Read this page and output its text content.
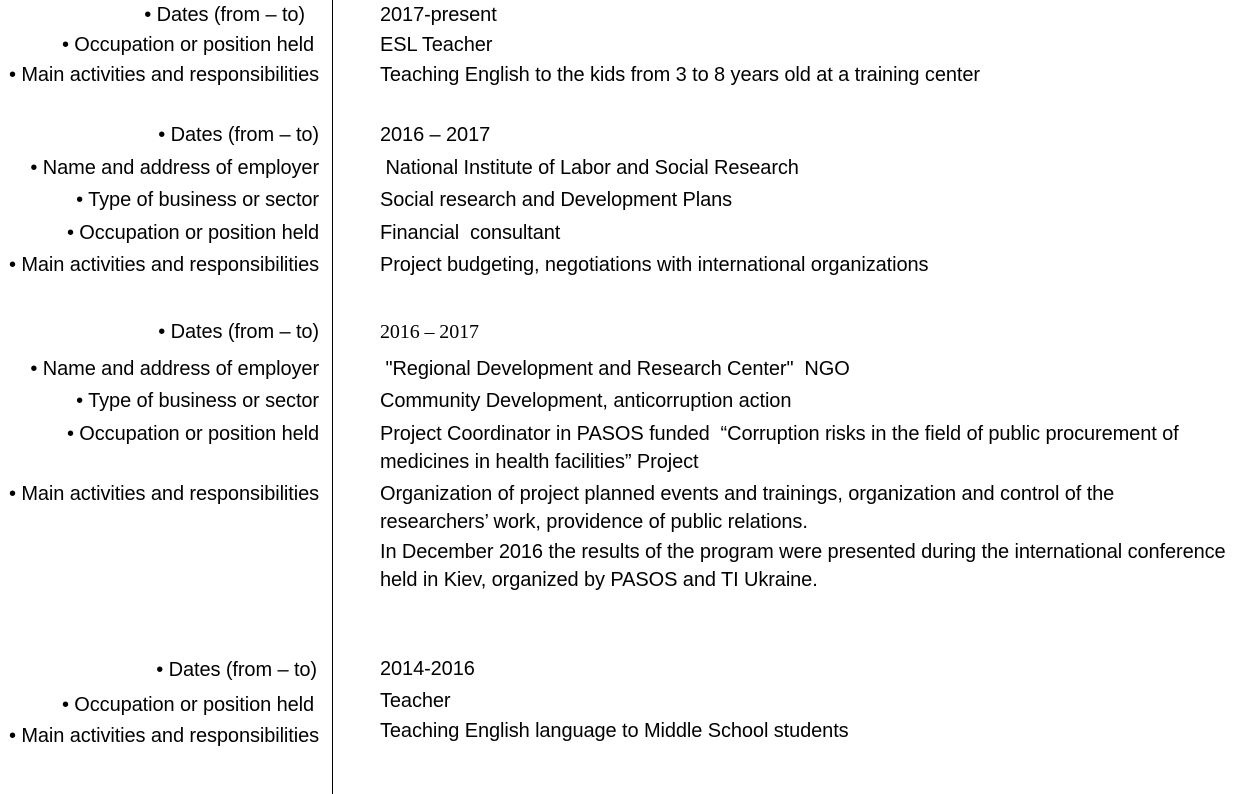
• Dates (from – to)	2017-present
• Occupation or position held	ESL Teacher
• Main activities and responsibilities	Teaching English to the kids from 3 to 8 years old at a training center
• Dates (from – to)	2016 – 2017
• Name and address of employer	National Institute of Labor and Social Research
• Type of business or sector	Social research and Development Plans
• Occupation or position held	Financial  consultant
• Main activities and responsibilities	Project budgeting, negotiations with international organizations
• Dates (from – to)	2016 – 2017
• Name and address of employer	"Regional Development and Research Center"  NGO
• Type of business or sector	Community Development, anticorruption action
• Occupation or position held	Project Coordinator in PASOS funded  “Corruption risks in the field of public procurement of
medicines in health facilities” Project
• Main activities and responsibilities	Organization of project planned events and trainings, organization and control of the
researchers’ work, providence of public relations.
In December 2016 the results of the program were presented during the international conference
held in Kiev, organized by PASOS and TI Ukraine.
• Dates (from – to)	2014-2016
• Occupation or position held	Teacher
• Main activities and responsibilities	Teaching English language to Middle School students
